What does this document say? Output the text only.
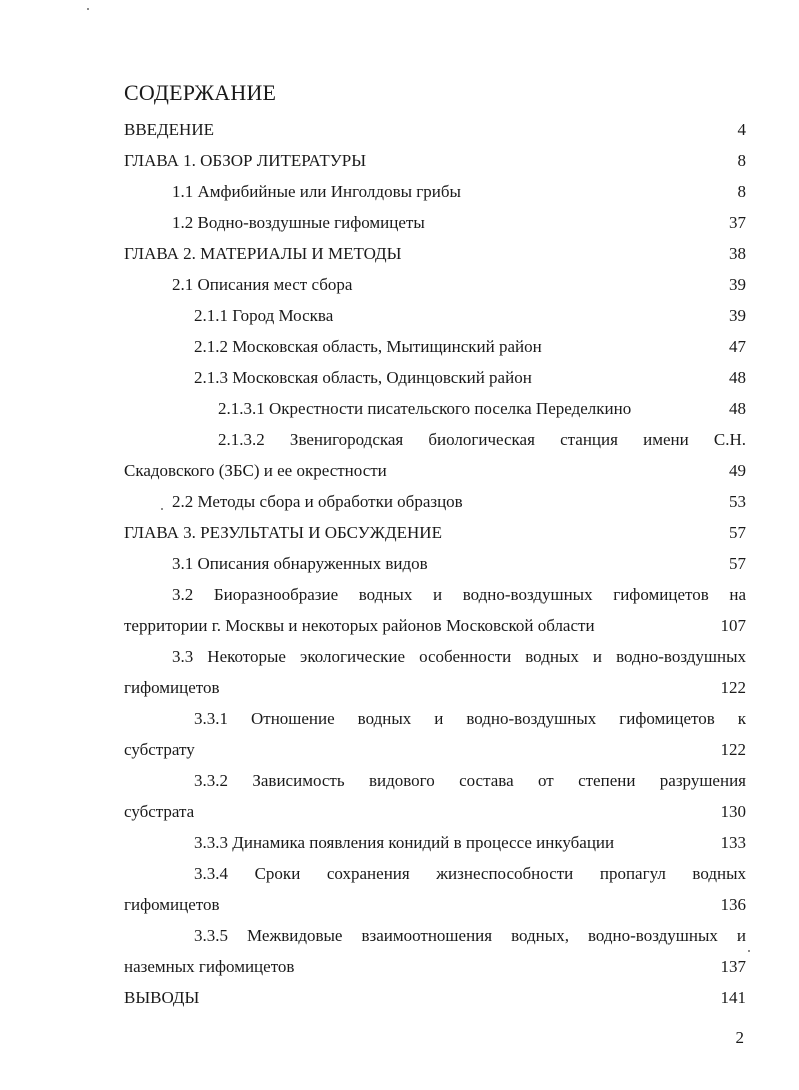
СОДЕРЖАНИЕ
ВВЕДЕНИЕ	4
ГЛАВА 1. ОБЗОР ЛИТЕРАТУРЫ	8
1.1 Амфибийные или Инголдовы грибы	8
1.2 Водно-воздушные гифомицеты	37
ГЛАВА 2. МАТЕРИАЛЫ И МЕТОДЫ	38
2.1 Описания мест сбора	39
2.1.1 Город Москва	39
2.1.2 Московская область, Мытищинский район	47
2.1.3 Московская область, Одинцовский район	48
2.1.3.1 Окрестности писательского поселка Переделкино	48
2.1.3.2 Звенигородская биологическая станция имени С.Н.
Скадовского (ЗБС) и ее окрестности	49
2.2 Методы сбора и обработки образцов	53
ГЛАВА 3. РЕЗУЛЬТАТЫ И ОБСУЖДЕНИЕ	57
3.1 Описания обнаруженных видов	57
3.2 Биоразнообразие водных и водно-воздушных гифомицетов на
территории г. Москвы и некоторых районов Московской области	107
3.3 Некоторые экологические особенности водных и водно-воздушных
гифомицетов	122
3.3.1 Отношение водных и водно-воздушных гифомицетов к
субстрату	122
3.3.2 Зависимость видового состава от степени разрушения
субстрата	130
3.3.3 Динамика появления конидий в процессе инкубации	133
3.3.4 Сроки сохранения жизнеспособности пропагул водных
гифомицетов	136
3.3.5 Межвидовые взаимоотношения водных, водно-воздушных и
наземных гифомицетов	137
ВЫВОДЫ	141
2
